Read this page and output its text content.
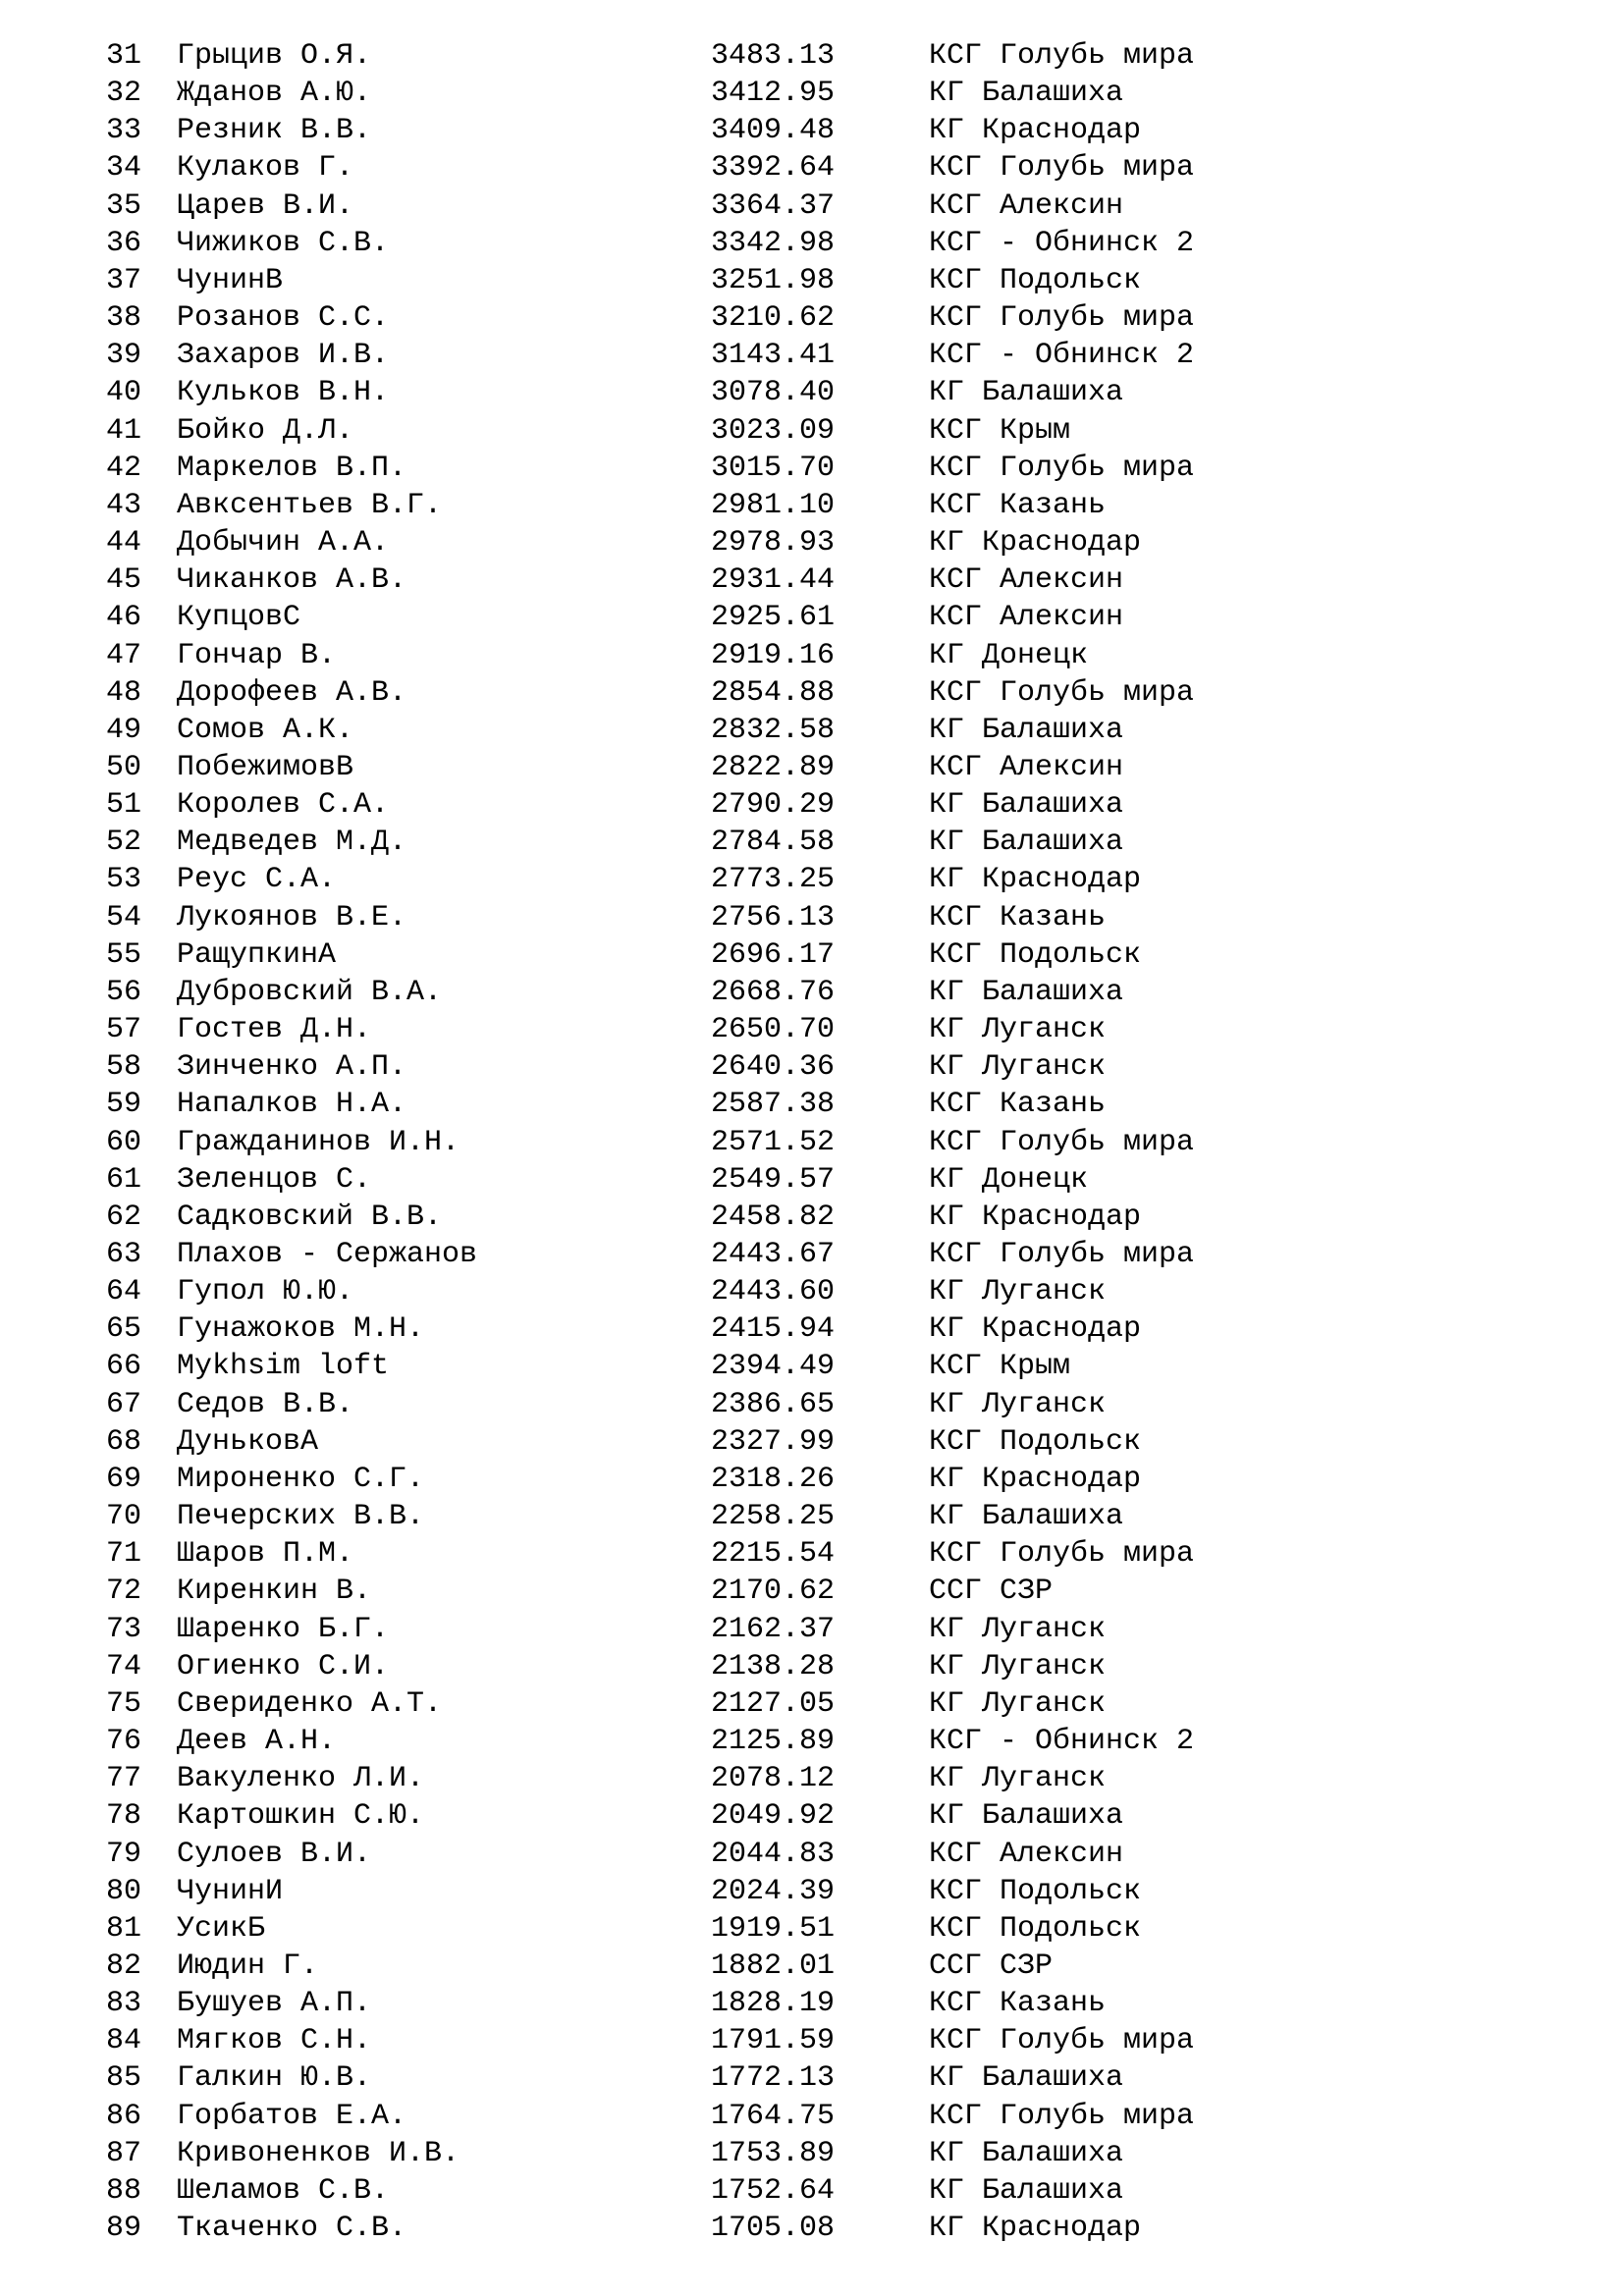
31 Грыцив О.Я.	3483.13	КСГ Голубь мира
32 Жданов А.Ю.	3412.95	КГ Балашиха
33 Резник В.В.	3409.48	КГ Краснодар
34 Кулаков Г.	3392.64	КСГ Голубь мира
35 Царев В.И.	3364.37	КСГ Алексин
36 Чижиков С.В.	3342.98	КСГ - Обнинск 2
37 ЧунинВ	3251.98	КСГ Подольск
38 Розанов С.С.	3210.62	КСГ Голубь мира
39 Захаров И.В.	3143.41	КСГ - Обнинск 2
40 Кульков В.Н.	3078.40	КГ Балашиха
41 Бойко Д.Л.	3023.09	КСГ Крым
42 Маркелов В.П.	3015.70	КСГ Голубь мира
43 Авксентьев В.Г.	2981.10	КСГ Казань
44 Добычин А.А.	2978.93	КГ Краснодар
45 Чиканков А.В.	2931.44	КСГ Алексин
46 КупцовС	2925.61	КСГ Алексин
47 Гончар В.	2919.16	КГ Донецк
48 Дорофеев А.В.	2854.88	КСГ Голубь мира
49 Сомов А.К.	2832.58	КГ Балашиха
50 ПобежимовВ	2822.89	КСГ Алексин
51 Королев С.А.	2790.29	КГ Балашиха
52 Медведев М.Д.	2784.58	КГ Балашиха
53 Реус С.А.	2773.25	КГ Краснодар
54 Лукоянов В.Е.	2756.13	КСГ Казань
55 РащупкинА	2696.17	КСГ Подольск
56 Дубровский В.А.	2668.76	КГ Балашиха
57 Гостев Д.Н.	2650.70	КГ Луганск
58 Зинченко А.П.	2640.36	КГ Луганск
59 Напалков Н.А.	2587.38	КСГ Казань
60 Гражданинов И.Н.	2571.52	КСГ Голубь мира
61 Зеленцов С.	2549.57	КГ Донецк
62 Садковский В.В.	2458.82	КГ Краснодар
63 Плахов - Сержанов	2443.67	КСГ Голубь мира
64 Гупол Ю.Ю.	2443.60	КГ Луганск
65 Гунажоков М.Н.	2415.94	КГ Краснодар
66 Mykhsim loft	2394.49	КСГ Крым
67 Седов В.В.	2386.65	КГ Луганск
68 ДуньковА	2327.99	КСГ Подольск
69 Мироненко С.Г.	2318.26	КГ Краснодар
70 Печерских В.В.	2258.25	КГ Балашиха
71 Шаров П.М.	2215.54	КСГ Голубь мира
72 Киренкин В.	2170.62	ССГ СЗР
73 Шаренко Б.Г.	2162.37	КГ Луганск
74 Огиенко С.И.	2138.28	КГ Луганск
75 Свериденко А.Т.	2127.05	КГ Луганск
76 Деев А.Н.	2125.89	КСГ - Обнинск 2
77 Вакуленко Л.И.	2078.12	КГ Луганск
78 Картошкин С.Ю.	2049.92	КГ Балашиха
79 Сулоев В.И.	2044.83	КСГ Алексин
80 ЧунинИ	2024.39	КСГ Подольск
81 УсикБ	1919.51	КСГ Подольск
82 Июдин Г.	1882.01	ССГ СЗР
83 Бушуев А.П.	1828.19	КСГ Казань
84 Мягков С.Н.	1791.59	КСГ Голубь мира
85 Галкин Ю.В.	1772.13	КГ Балашиха
86 Горбатов Е.А.	1764.75	КСГ Голубь мира
87 Кривоненков И.В.	1753.89	КГ Балашиха
88 Шеламов С.В.	1752.64	КГ Балашиха
89 Ткаченко С.В.	1705.08	КГ Краснодар
